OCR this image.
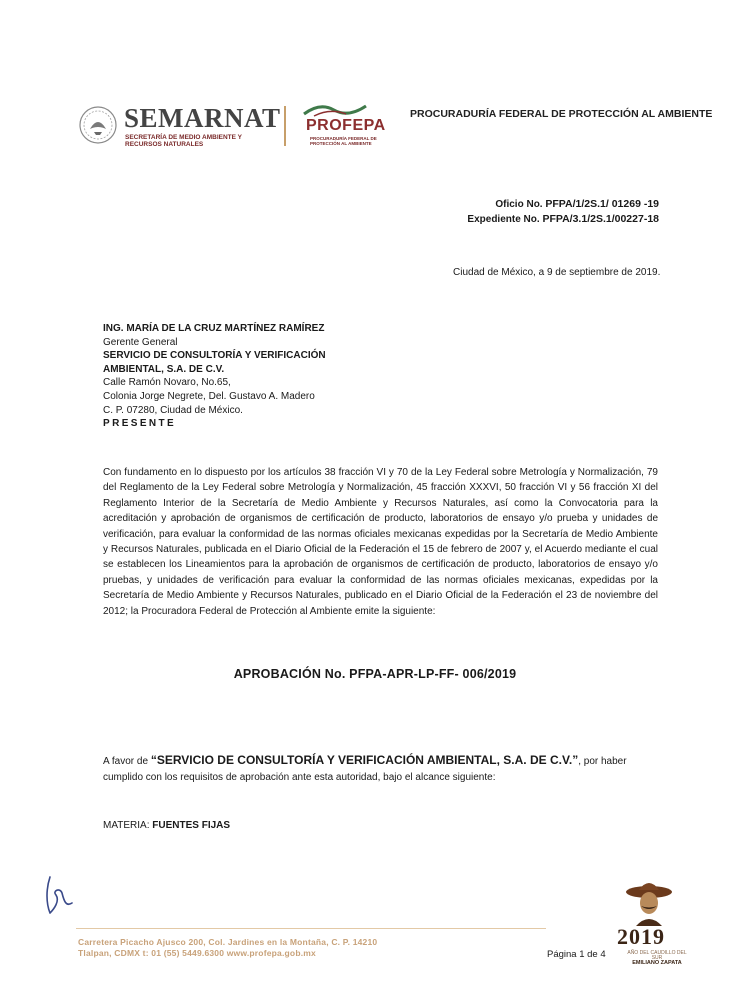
SEMARNAT
SECRETARÍA DE MEDIO AMBIENTE Y RECURSOS NATURALES
PROFEPA
PROCURADURÍA FEDERAL DE PROTECCIÓN AL AMBIENTE
PROCURADURÍA FEDERAL DE PROTECCIÓN AL AMBIENTE
Oficio No. PFPA/1/2S.1/ 01269 -19
Expediente No. PFPA/3.1/2S.1/00227-18
Ciudad de México, a 9 de septiembre de 2019.
ING. MARÍA DE LA CRUZ MARTÍNEZ RAMÍREZ
Gerente General
SERVICIO DE CONSULTORÍA Y VERIFICACIÓN
AMBIENTAL, S.A. DE C.V.
Calle Ramón Novaro, No.65,
Colonia Jorge Negrete, Del. Gustavo A. Madero
C. P. 07280, Ciudad de México.
PRESENTE
Con fundamento en lo dispuesto por los artículos 38 fracción VI y 70 de la Ley Federal sobre Metrología y Normalización, 79 del Reglamento de la Ley Federal sobre Metrología y Normalización, 45 fracción XXXVI, 50 fracción VI y 56 fracción XI del Reglamento Interior de la Secretaría de Medio Ambiente y Recursos Naturales, así como la Convocatoria para la acreditación y aprobación de organismos de certificación de producto, laboratorios de ensayo y/o prueba y unidades de verificación, para evaluar la conformidad de las normas oficiales mexicanas expedidas por la Secretaría de Medio Ambiente y Recursos Naturales, publicada en el Diario Oficial de la Federación el 15 de febrero de 2007 y, el Acuerdo mediante el cual se establecen los Lineamientos para la aprobación de organismos de certificación de producto, laboratorios de ensayo y/o pruebas, y unidades de verificación para evaluar la conformidad de las normas oficiales mexicanas, expedidas por la Secretaría de Medio Ambiente y Recursos Naturales, publicado en el Diario Oficial de la Federación el 23 de noviembre del 2012; la Procuradora Federal de Protección al Ambiente emite la siguiente:
APROBACIÓN No. PFPA-APR-LP-FF- 006/2019
A favor de “SERVICIO DE CONSULTORÍA Y VERIFICACIÓN AMBIENTAL, S.A. DE C.V.”, por haber cumplido con los requisitos de aprobación ante esta autoridad, bajo el alcance siguiente:
MATERIA: FUENTES FIJAS
Carretera Picacho Ajusco 200, Col. Jardines en la Montaña, C. P. 14210
Tlalpan, CDMX t: 01 (55) 5449.6300 www.profepa.gob.mx	Página 1 de 4
2019
AÑO DEL CAUDILLO DEL SUR
EMILIANO ZAPATA
